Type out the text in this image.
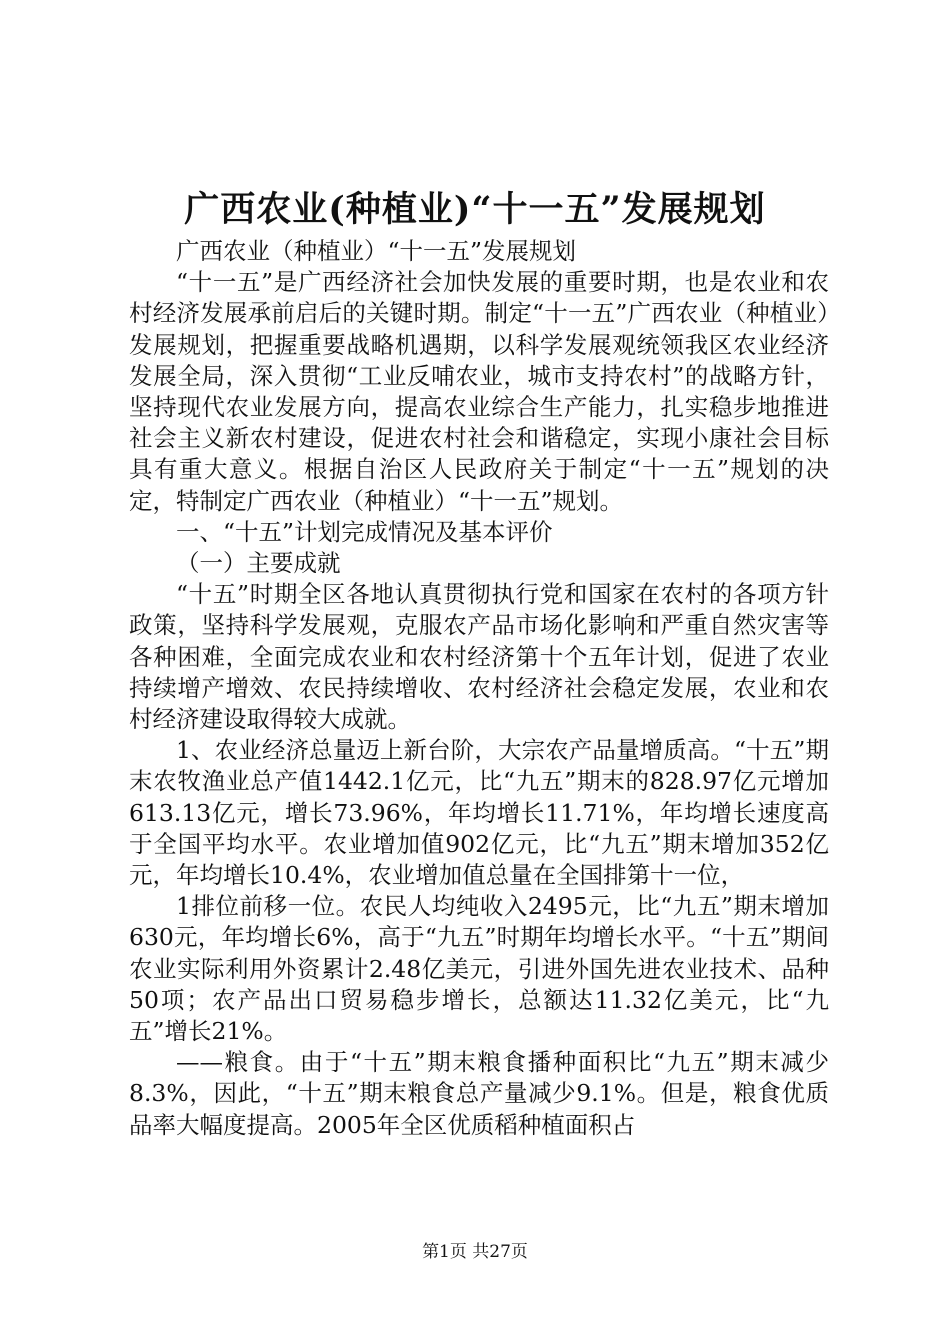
广西农业(种植业)“十一五”发展规划

广西农业（种植业）“十一五”发展规划

“十一五”是广西经济社会加快发展的重要时期，也是农业和农村经济发展承前启后的关键时期。制定“十一五”广西农业（种植业）发展规划，把握重要战略机遇期，以科学发展观统领我区农业经济发展全局，深入贯彻“工业反哺农业，城市支持农村”的战略方针，坚持现代农业发展方向，提高农业综合生产能力，扎实稳步地推进社会主义新农村建设，促进农村社会和谐稳定，实现小康社会目标具有重大意义。根据自治区人民政府关于制定“十一五”规划的决定，特制定广西农业（种植业）“十一五”规划。

一、“十五”计划完成情况及基本评价

（一）主要成就

“十五”时期全区各地认真贯彻执行党和国家在农村的各项方针政策，坚持科学发展观，克服农产品市场化影响和严重自然灾害等各种困难，全面完成农业和农村经济第十个五年计划，促进了农业持续增产增效、农民持续增收、农村经济社会稳定发展，农业和农村经济建设取得较大成就。

1、农业经济总量迈上新台阶，大宗农产品量增质高。“十五”期末农牧渔业总产值1442.1亿元，比“九五”期末的828.97亿元增加613.13亿元，增长73.96%，年均增长11.71%，年均增长速度高于全国平均水平。农业增加值902亿元，比“九五”期末增加352亿元，年均增长10.4%，农业增加值总量在全国排第十一位，

1排位前移一位。农民人均纯收入2495元，比“九五”期末增加630元，年均增长6%，高于“九五”时期年均增长水平。“十五”期间农业实际利用外资累计2.48亿美元，引进外国先进农业技术、品种50项；农产品出口贸易稳步增长，总额达11.32亿美元，比“九五”增长21%。

——粮食。由于“十五”期末粮食播种面积比“九五”期末减少8.3%，因此，“十五”期末粮食总产量减少9.1%。但是，粮食优质品率大幅度提高。2005年全区优质稻种植面积占

第1页 共27页
